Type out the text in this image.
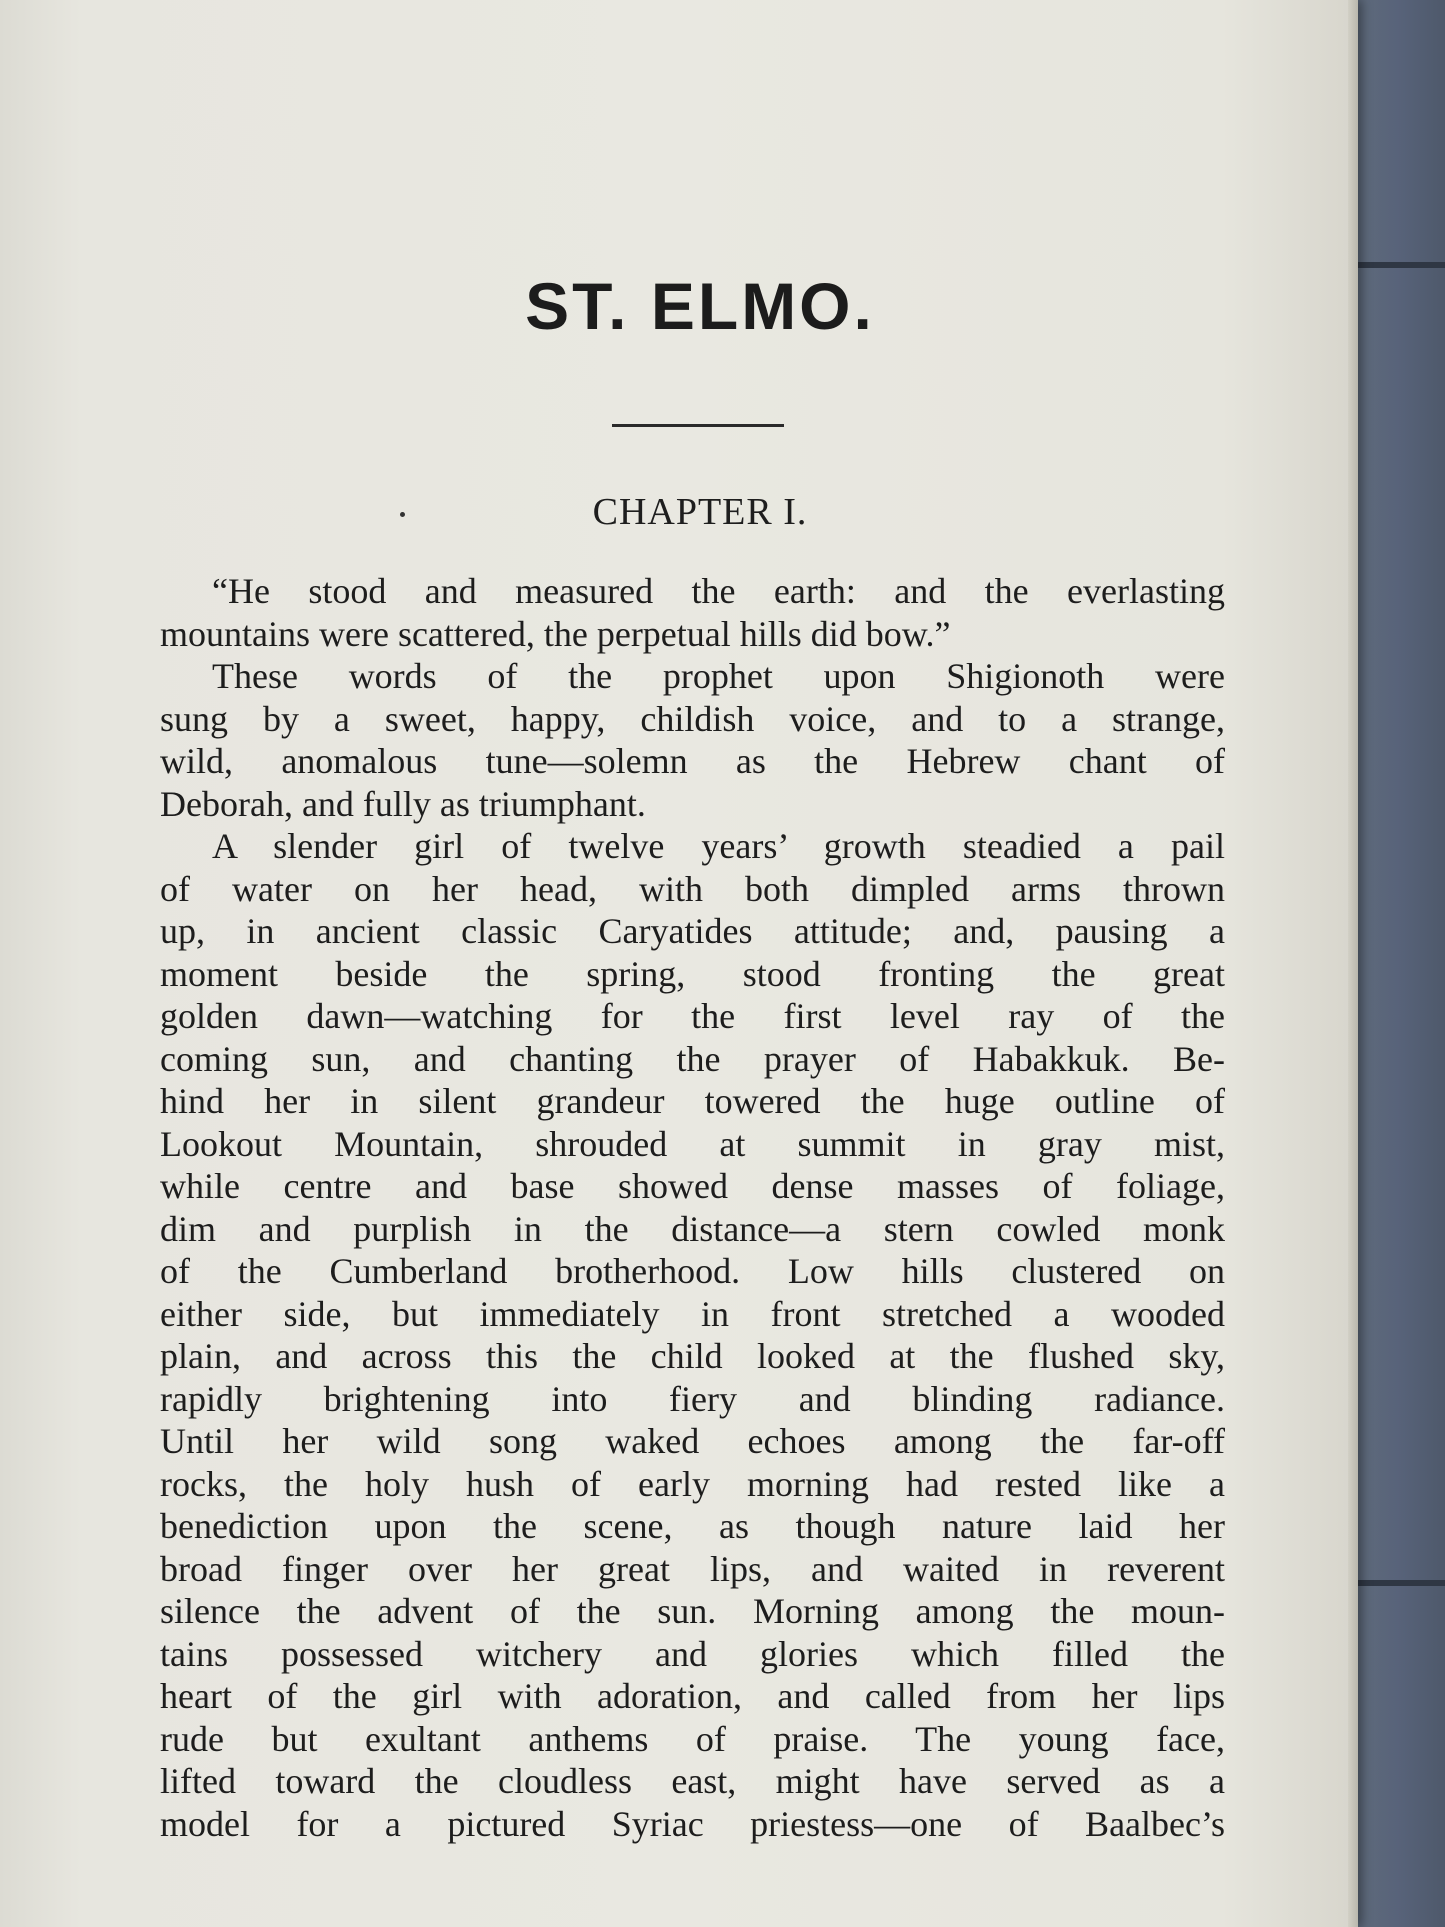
ST. ELMO.
CHAPTER I.
“He stood and measured the earth: and the everlasting
mountains were scattered, the perpetual hills did bow.”
These words of the prophet upon Shigionoth were
sung by a sweet, happy, childish voice, and to a strange,
wild, anomalous tune—solemn as the Hebrew chant of
Deborah, and fully as triumphant.
A slender girl of twelve years’ growth steadied a pail
of water on her head, with both dimpled arms thrown
up, in ancient classic Caryatides attitude; and, pausing a
moment beside the spring, stood fronting the great
golden dawn—watching for the first level ray of the
coming sun, and chanting the prayer of Habakkuk. Be-
hind her in silent grandeur towered the huge outline of
Lookout Mountain, shrouded at summit in gray mist,
while centre and base showed dense masses of foliage,
dim and purplish in the distance—a stern cowled monk
of the Cumberland brotherhood. Low hills clustered on
either side, but immediately in front stretched a wooded
plain, and across this the child looked at the flushed sky,
rapidly brightening into fiery and blinding radiance.
Until her wild song waked echoes among the far-off
rocks, the holy hush of early morning had rested like a
benediction upon the scene, as though nature laid her
broad finger over her great lips, and waited in reverent
silence the advent of the sun. Morning among the moun-
tains possessed witchery and glories which filled the
heart of the girl with adoration, and called from her lips
rude but exultant anthems of praise. The young face,
lifted toward the cloudless east, might have served as a
model for a pictured Syriac priestess—one of Baalbec’s
